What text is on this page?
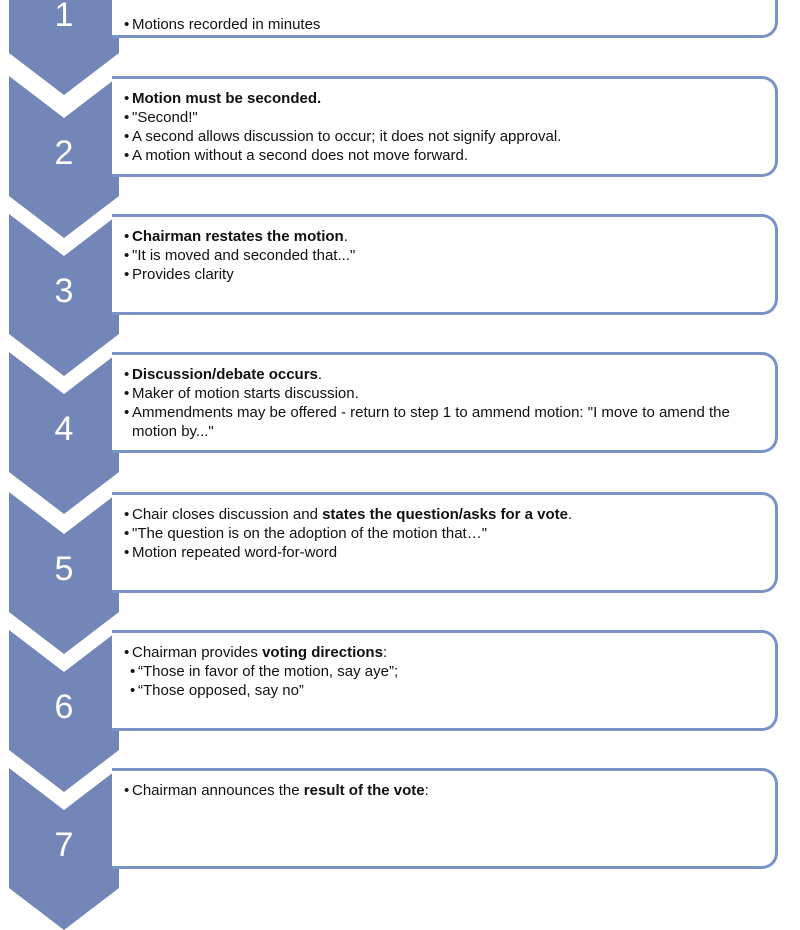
1	• Motions recorded in minutes
2
• Motion must be seconded.
• "Second!"
• A second allows discussion to occur; it does not signify approval.
• A motion without a second does not move forward.
3
• Chairman restates the motion.
• "It is moved and seconded that..."
• Provides clarity
4
• Discussion/debate occurs.
• Maker of motion starts discussion.
• Ammendments may be offered - return to step 1 to ammend motion: "I move to amend the motion by..."
5
• Chair closes discussion and states the question/asks for a vote.
• "The question is on the adoption of the motion that…"
• Motion repeated word-for-word
6
• Chairman provides voting directions:
• “Those in favor of the motion, say aye”;
• “Those opposed, say no”
7
• Chairman announces the result of the vote:
